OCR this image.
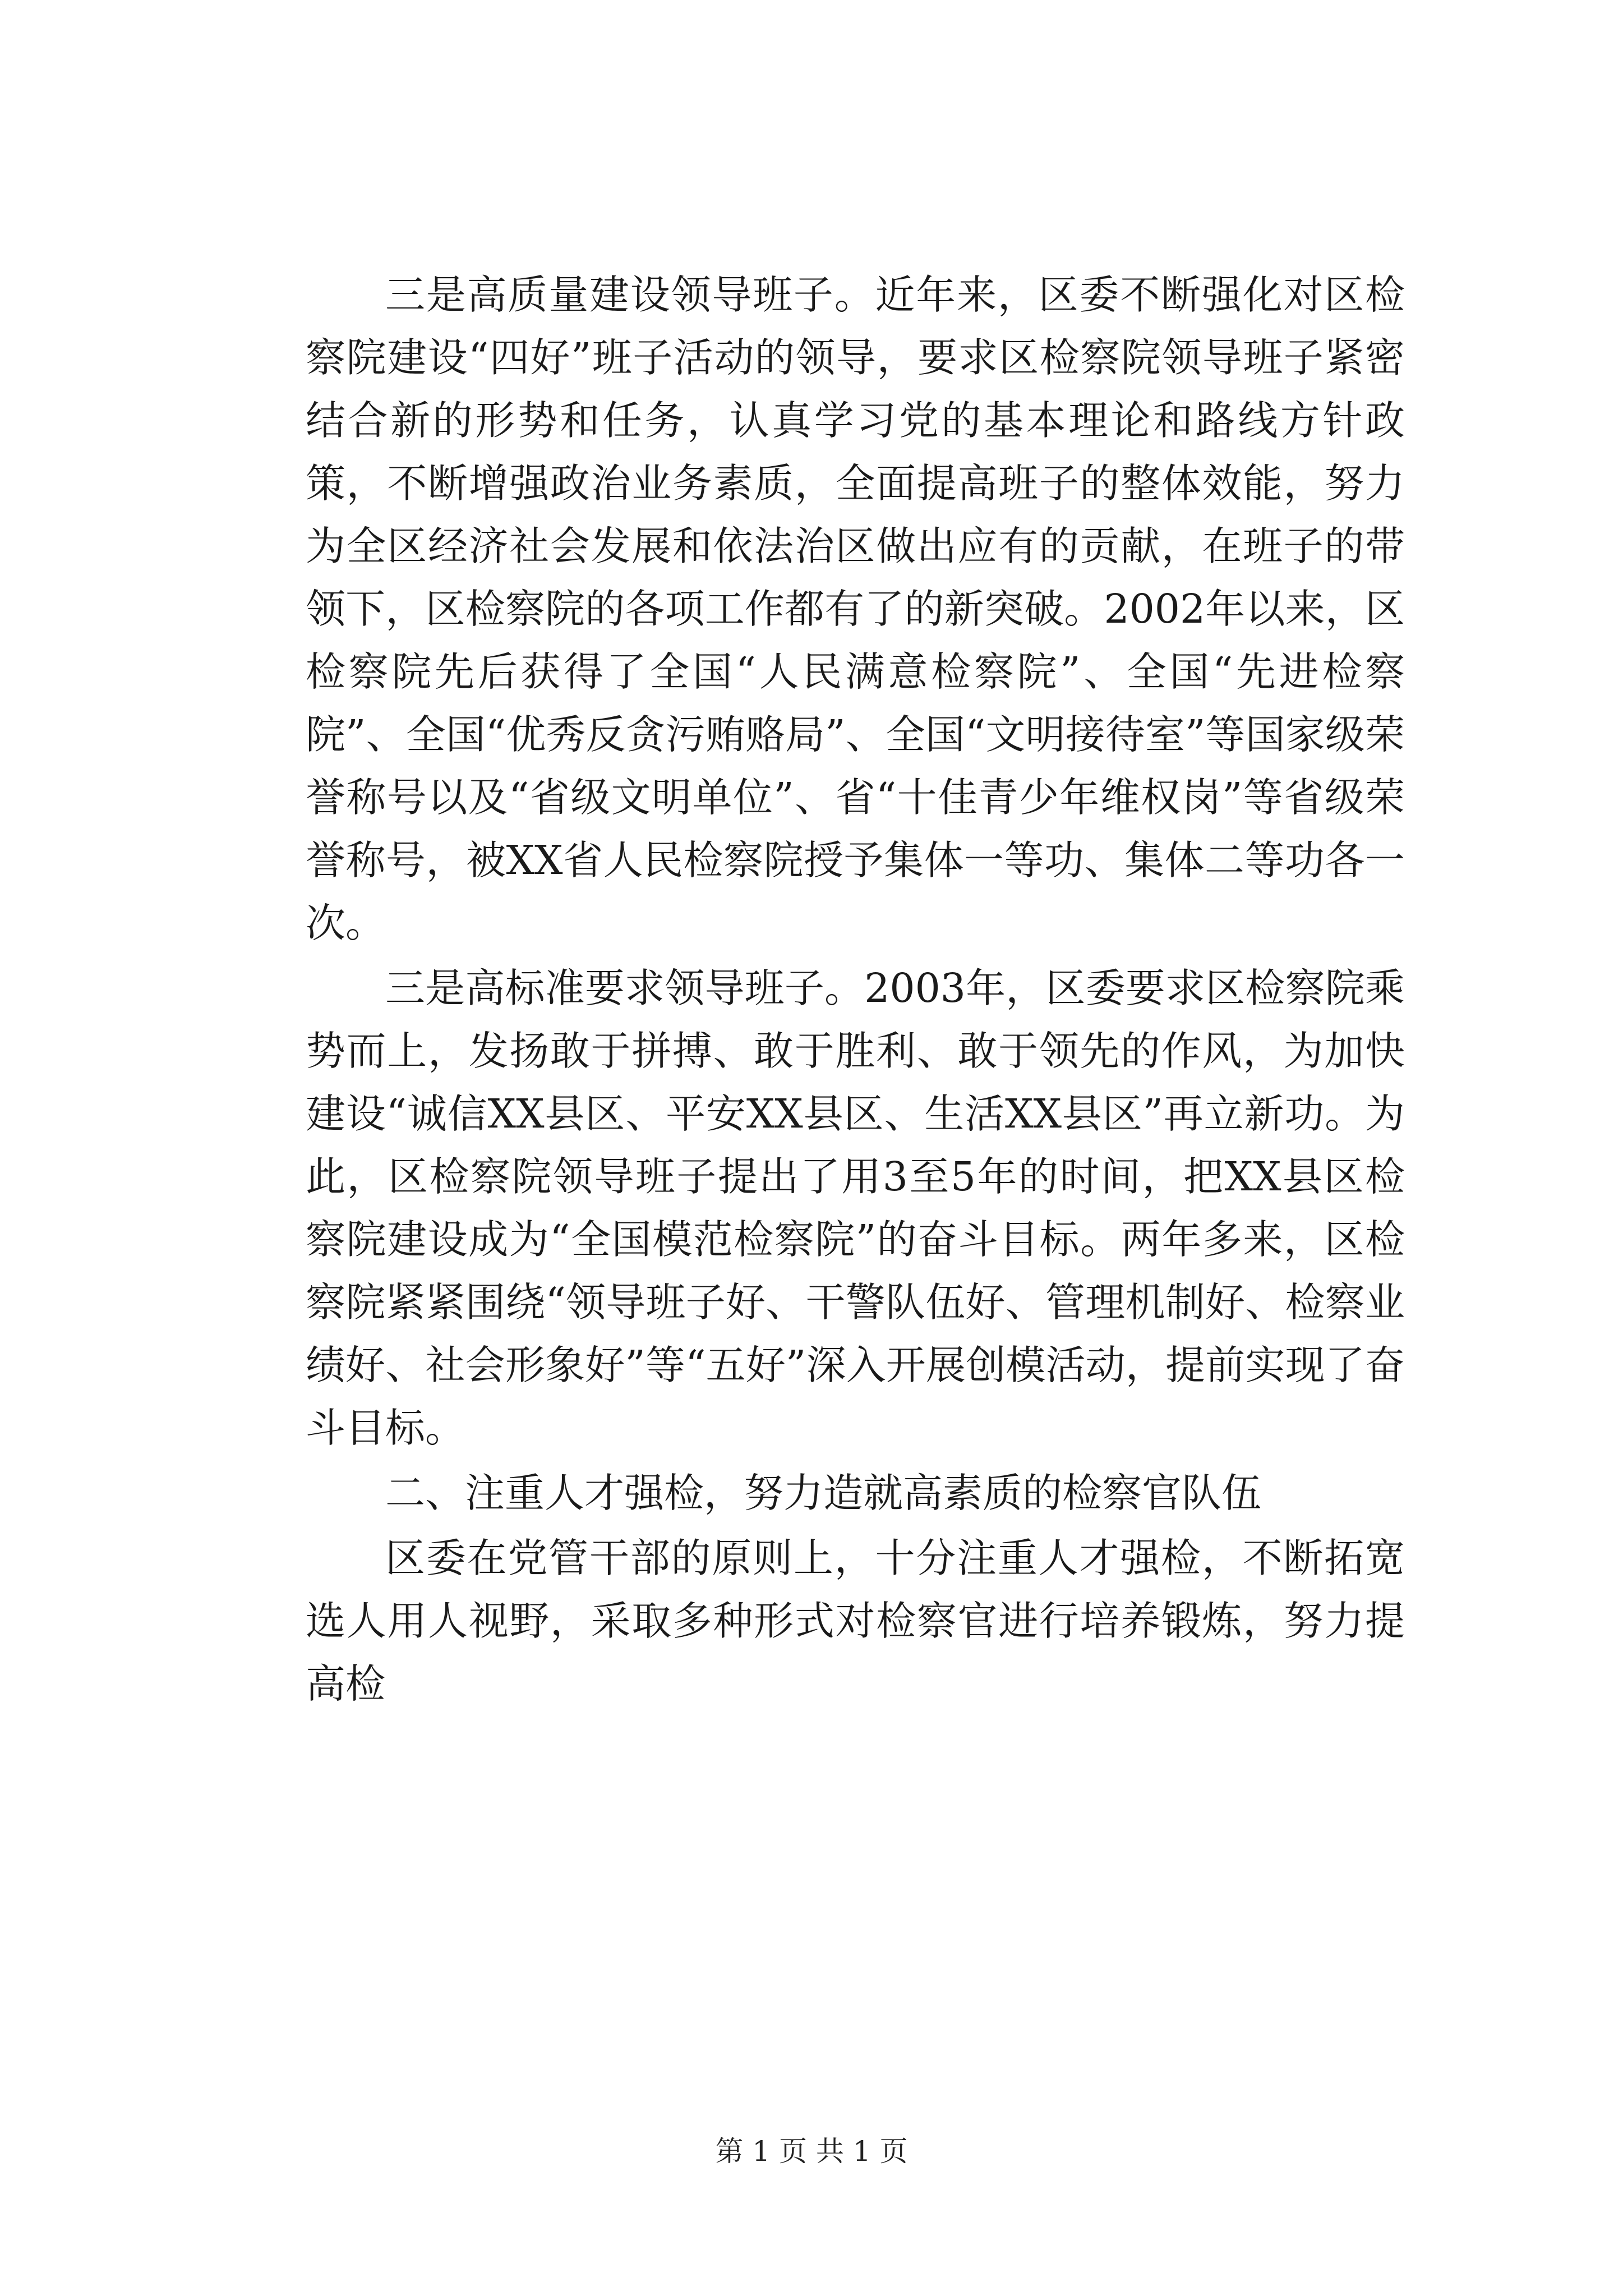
三是高质量建设领导班子。近年来，区委不断强化对区检察院建设“四好”班子活动的领导，要求区检察院领导班子紧密结合新的形势和任务，认真学习党的基本理论和路线方针政策，不断增强政治业务素质，全面提高班子的整体效能，努力为全区经济社会发展和依法治区做出应有的贡献，在班子的带领下，区检察院的各项工作都有了的新突破。2002年以来，区检察院先后获得了全国“人民满意检察院”、全国“先进检察院”、全国“优秀反贪污贿赂局”、全国“文明接待室”等国家级荣誉称号以及“省级文明单位”、省“十佳青少年维权岗”等省级荣誉称号，被XX省人民检察院授予集体一等功、集体二等功各一次。

三是高标准要求领导班子。2003年，区委要求区检察院乘势而上，发扬敢于拼搏、敢于胜利、敢于领先的作风，为加快建设“诚信XX县区、平安XX县区、生活XX县区”再立新功。为此，区检察院领导班子提出了用3至5年的时间，把XX县区检察院建设成为“全国模范检察院”的奋斗目标。两年多来，区检察院紧紧围绕“领导班子好、干警队伍好、管理机制好、检察业绩好、社会形象好”等“五好”深入开展创模活动，提前实现了奋斗目标。

二、注重人才强检，努力造就高素质的检察官队伍

区委在党管干部的原则上，十分注重人才强检，不断拓宽选人用人视野，采取多种形式对检察官进行培养锻炼，努力提高检

第 1 页 共 1 页
